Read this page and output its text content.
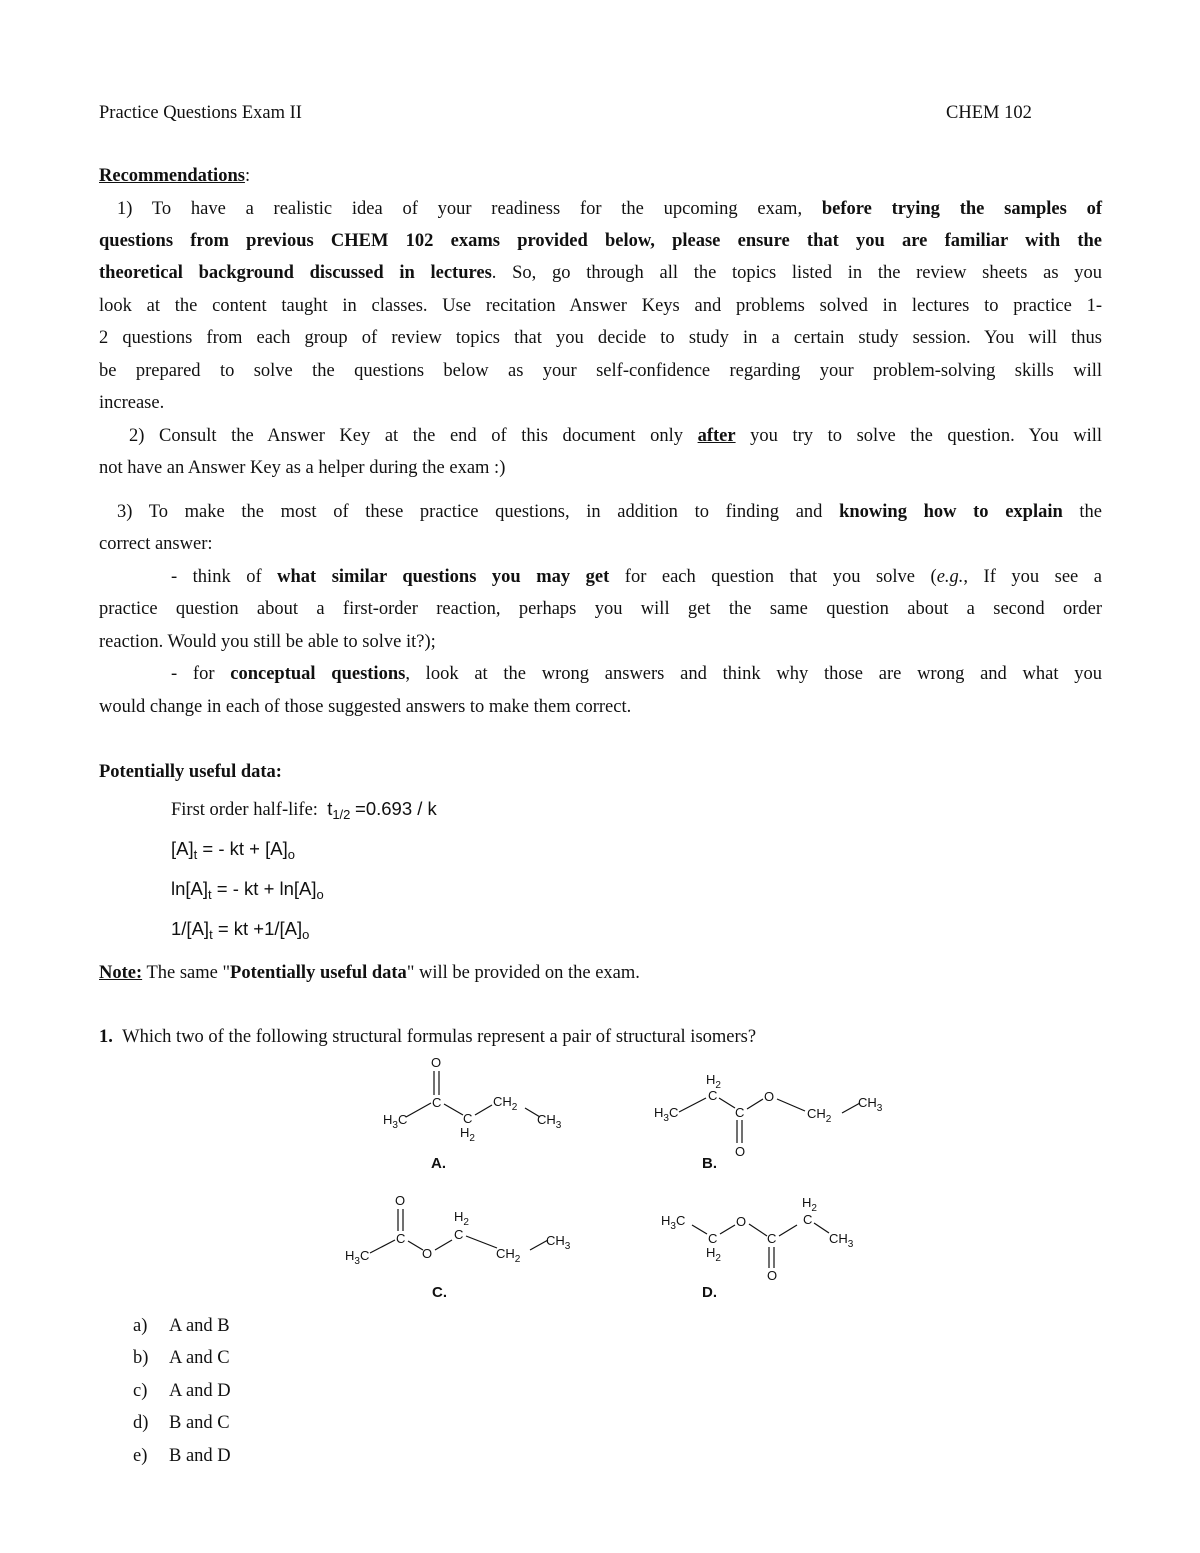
Practice Questions Exam II	CHEM 102
Recommendations:
1) To have a realistic idea of your readiness for the upcoming exam, before trying the samples of
questions from previous CHEM 102 exams provided below, please ensure that you are familiar with the
theoretical background discussed in lectures. So, go through all the topics listed in the review sheets as you
look at the content taught in classes. Use recitation Answer Keys and problems solved in lectures to practice 1-
2 questions from each group of review topics that you decide to study in a certain study session. You will thus
be prepared to solve the questions below as your self-confidence regarding your problem-solving skills will
increase.
2) Consult the Answer Key at the end of this document only after you try to solve the question. You will
not have an Answer Key as a helper during the exam :)
3) To make the most of these practice questions, in addition to finding and knowing how to explain the
correct answer:
- think of what similar questions you may get for each question that you solve (e.g., If you see a
practice question about a first-order reaction, perhaps you will get the same question about a second order
reaction. Would you still be able to solve it?);
- for conceptual questions, look at the wrong answers and think why those are wrong and what you
would change in each of those suggested answers to make them correct.
Potentially useful data:
First order half-life: $t_{1/2} =0.693 / k$
$[A]_t$ = - kt + $[A]_o$
$\ln[A]_t$ = - kt + $\ln[A]_o$
$1/[A]_t$ = kt $+1/[A]_o$
Note: The same "Potentially useful data" will be provided on the exam.
1. Which two of the following structural formulas represent a pair of structural isomers?
O
C
$H_3C$	C
$H_2$
$CH_2$
$CH_3$
A.
$H_2$
C
$H_3C$	C
O
O
$CH_2$
$CH_3$
B.
O
C
$H_3C$	O
$H_2$
C
$CH_2$
$CH_3$
C.
$H_3C$
C
$H_2$
O
C
O
$H_2$
C
$CH_3$
D.
a) A and B
b) A and C
c) A and D
d) B and C
e) B and D
